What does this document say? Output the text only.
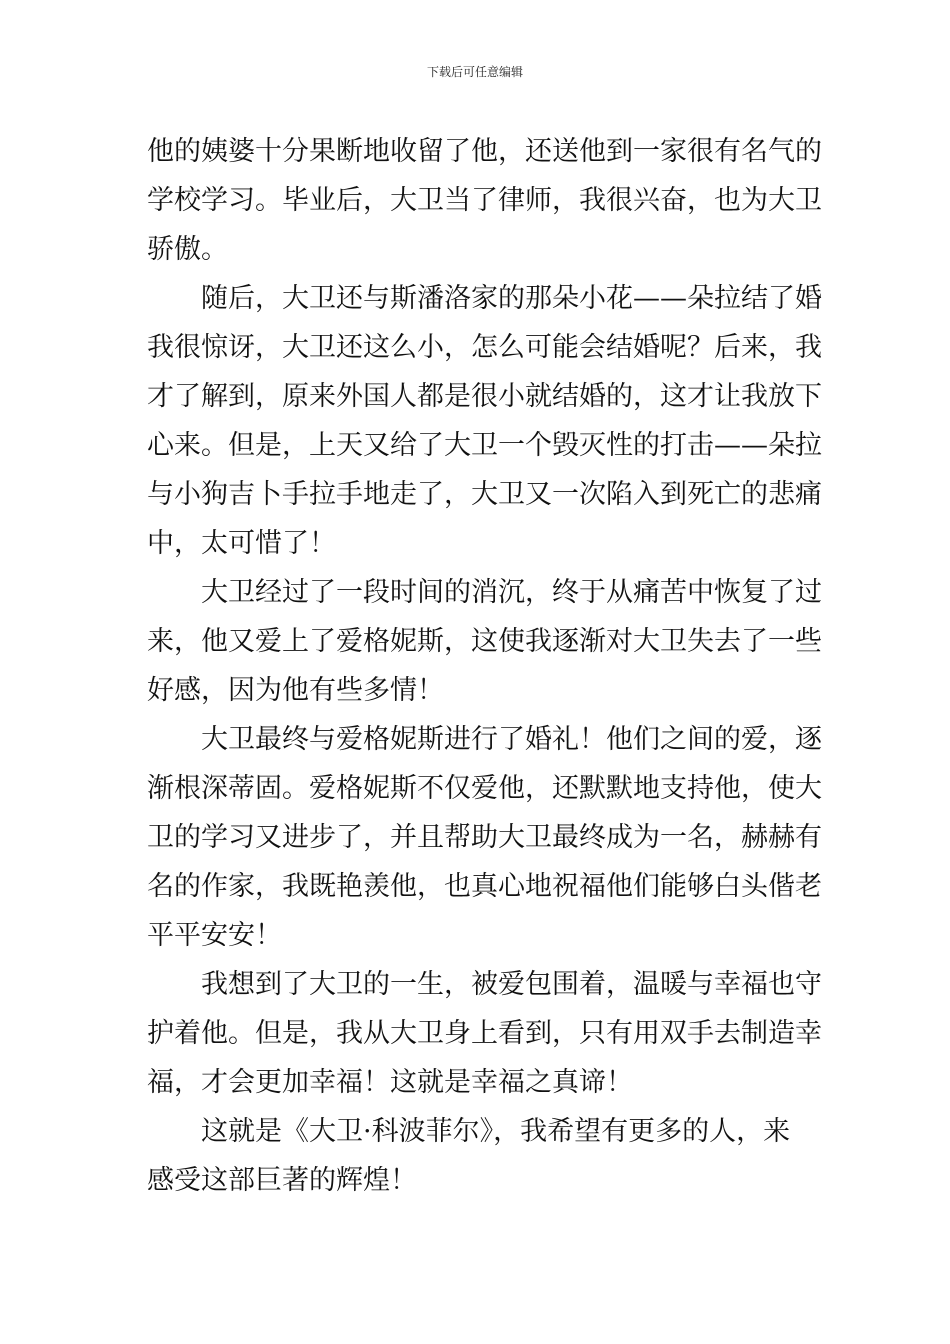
下载后可任意编辑

他的姨婆十分果断地收留了他，还送他到一家很有名气的
学校学习。毕业后，大卫当了律师，我很兴奋，也为大卫
骄傲。

随后，大卫还与斯潘洛家的那朵小花——朵拉结了婚
我很惊讶，大卫还这么小，怎么可能会结婚呢？后来，我
才了解到，原来外国人都是很小就结婚的，这才让我放下
心来。但是，上天又给了大卫一个毁灭性的打击——朵拉
与小狗吉卜手拉手地走了，大卫又一次陷入到死亡的悲痛
中，太可惜了！

大卫经过了一段时间的消沉，终于从痛苦中恢复了过
来，他又爱上了爱格妮斯，这使我逐渐对大卫失去了一些
好感，因为他有些多情！

大卫最终与爱格妮斯进行了婚礼！他们之间的爱，逐
渐根深蒂固。爱格妮斯不仅爱他，还默默地支持他，使大
卫的学习又进步了，并且帮助大卫最终成为一名，赫赫有
名的作家，我既艳羡他，也真心地祝福他们能够白头偕老
平平安安！

我想到了大卫的一生，被爱包围着，温暖与幸福也守
护着他。但是，我从大卫身上看到，只有用双手去制造幸
福，才会更加幸福！这就是幸福之真谛！

这就是《大卫·科波菲尔》，我希望有更多的人，来
感受这部巨著的辉煌！
